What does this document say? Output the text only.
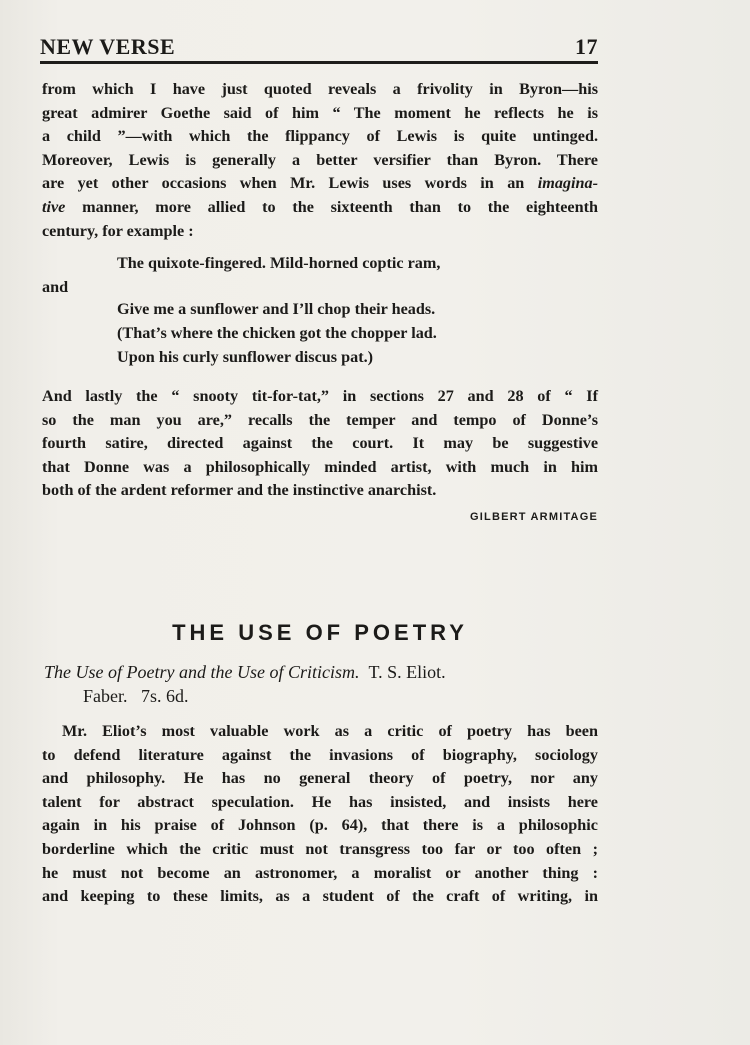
NEW VERSE	17
from which I have just quoted reveals a frivolity in Byron—his
great admirer Goethe said of him “ The moment he reflects he is
a child ”—with which the flippancy of Lewis is quite untinged.
Moreover, Lewis is generally a better versifier than Byron. There
are yet other occasions when Mr. Lewis uses words in an imagina-
tive manner, more allied to the sixteenth than to the eighteenth
century, for example :
The quixote-fingered. Mild-horned coptic ram,
and
Give me a sunflower and I’ll chop their heads.
(That’s where the chicken got the chopper lad.
Upon his curly sunflower discus pat.)
And lastly the “ snooty tit-for-tat,” in sections 27 and 28 of “ If
so the man you are,” recalls the temper and tempo of Donne’s
fourth satire, directed against the court. It may be suggestive
that Donne was a philosophically minded artist, with much in him
both of the ardent reformer and the instinctive anarchist.
GILBERT ARMITAGE
THE USE OF POETRY
The Use of Poetry and the Use of Criticism. T. S. Eliot.
Faber. 7s. 6d.
Mr. Eliot’s most valuable work as a critic of poetry has been
to defend literature against the invasions of biography, sociology
and philosophy. He has no general theory of poetry, nor any
talent for abstract speculation. He has insisted, and insists here
again in his praise of Johnson (p. 64), that there is a philosophic
borderline which the critic must not transgress too far or too often ;
he must not become an astronomer, a moralist or another thing :
and keeping to these limits, as a student of the craft of writing, in
